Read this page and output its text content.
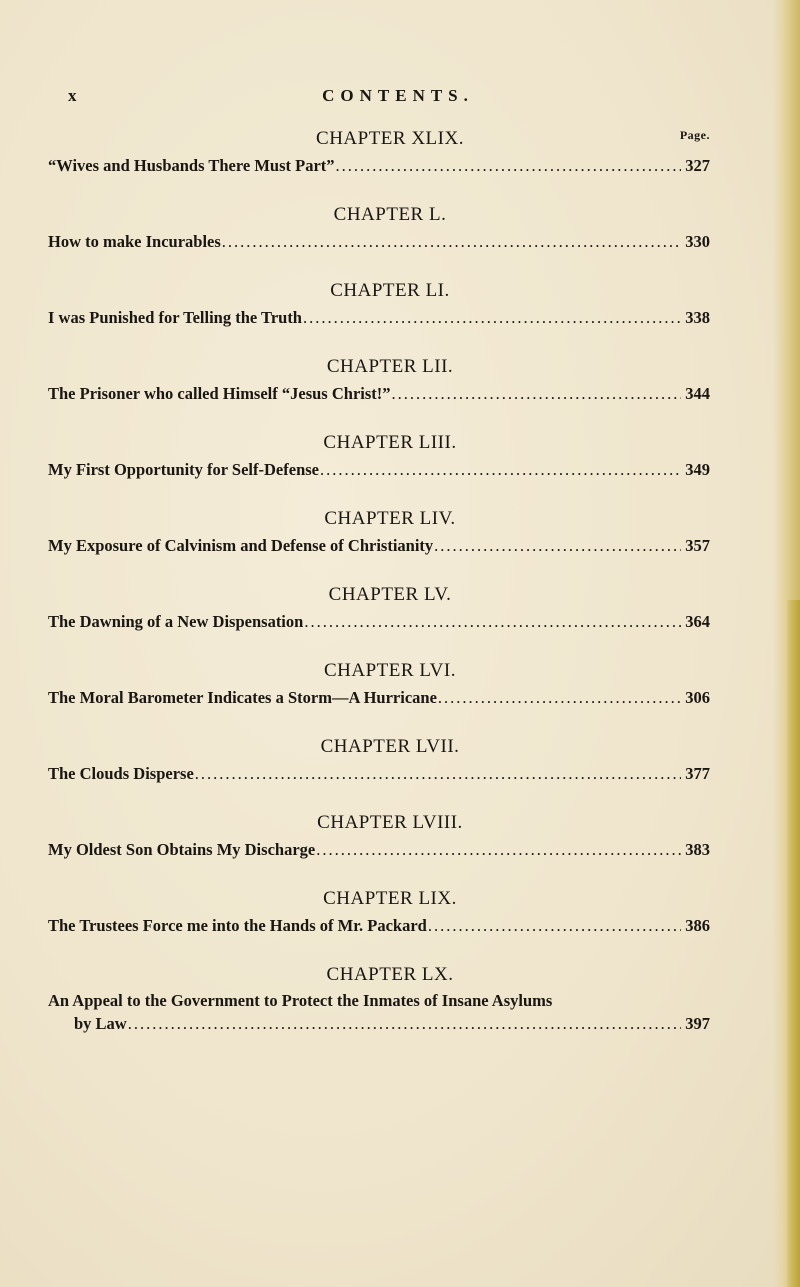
x	CONTENTS.
CHAPTER XLIX.	Page.
“Wives and Husbands There Must Part” .....	327
CHAPTER L.
How to make Incurables .....	330
CHAPTER LI.
I was Punished for Telling the Truth .....	338
CHAPTER LII.
The Prisoner who called Himself “Jesus Christ!” .....	344
CHAPTER LIII.
My First Opportunity for Self-Defense .....	349
CHAPTER LIV.
My Exposure of Calvinism and Defense of Christianity .....	357
CHAPTER LV.
The Dawning of a New Dispensation .....	364
CHAPTER LVI.
The Moral Barometer Indicates a Storm—A Hurricane .....	306
CHAPTER LVII.
The Clouds Disperse .....	377
CHAPTER LVIII.
My Oldest Son Obtains My Discharge .....	383
CHAPTER LIX.
The Trustees Force me into the Hands of Mr. Packard .....	386
CHAPTER LX.
An Appeal to the Government to Protect the Inmates of Insane Asylums
by Law .....	397
